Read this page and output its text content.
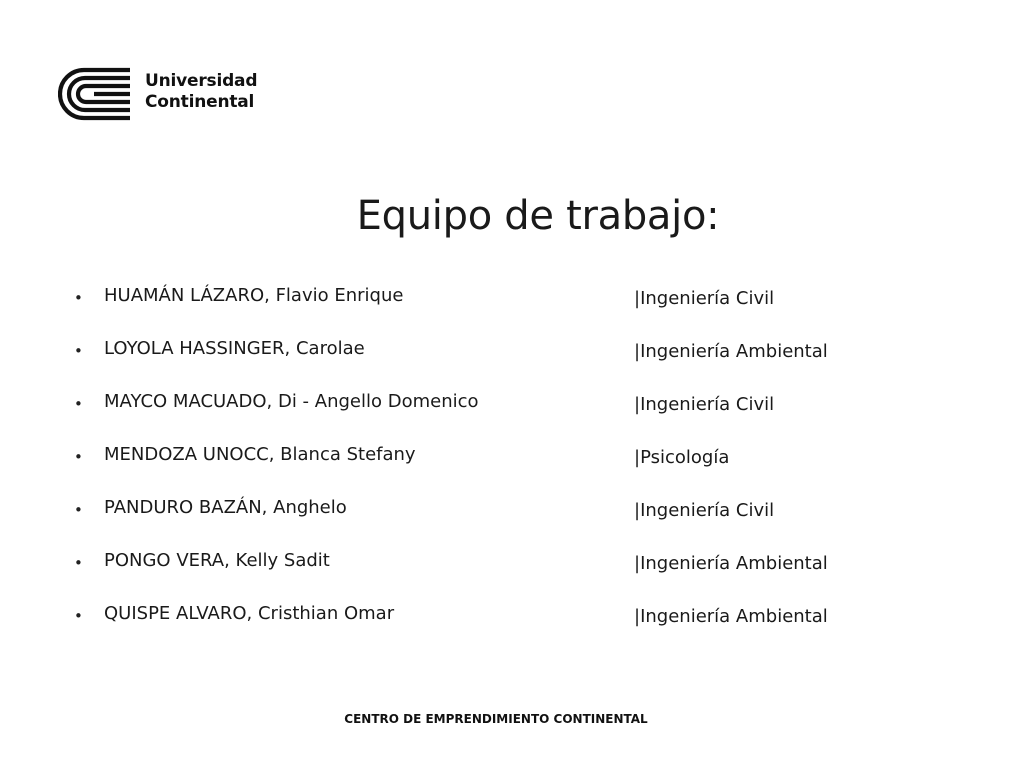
Universidad
Continental
Equipo de trabajo:
• HUAMÁN LÁZARO, Flavio Enrique	|Ingeniería Civil
• LOYOLA HASSINGER, Carolae	|Ingeniería Ambiental
• MAYCO MACUADO, Di - Angello Domenico	|Ingeniería Civil
• MENDOZA UNOCC, Blanca Stefany	|Psicología
• PANDURO BAZÁN, Anghelo	|Ingeniería Civil
• PONGO VERA, Kelly Sadit	|Ingeniería Ambiental
• QUISPE ALVARO, Cristhian Omar	|Ingeniería Ambiental
CENTRO DE EMPRENDIMIENTO CONTINENTAL
